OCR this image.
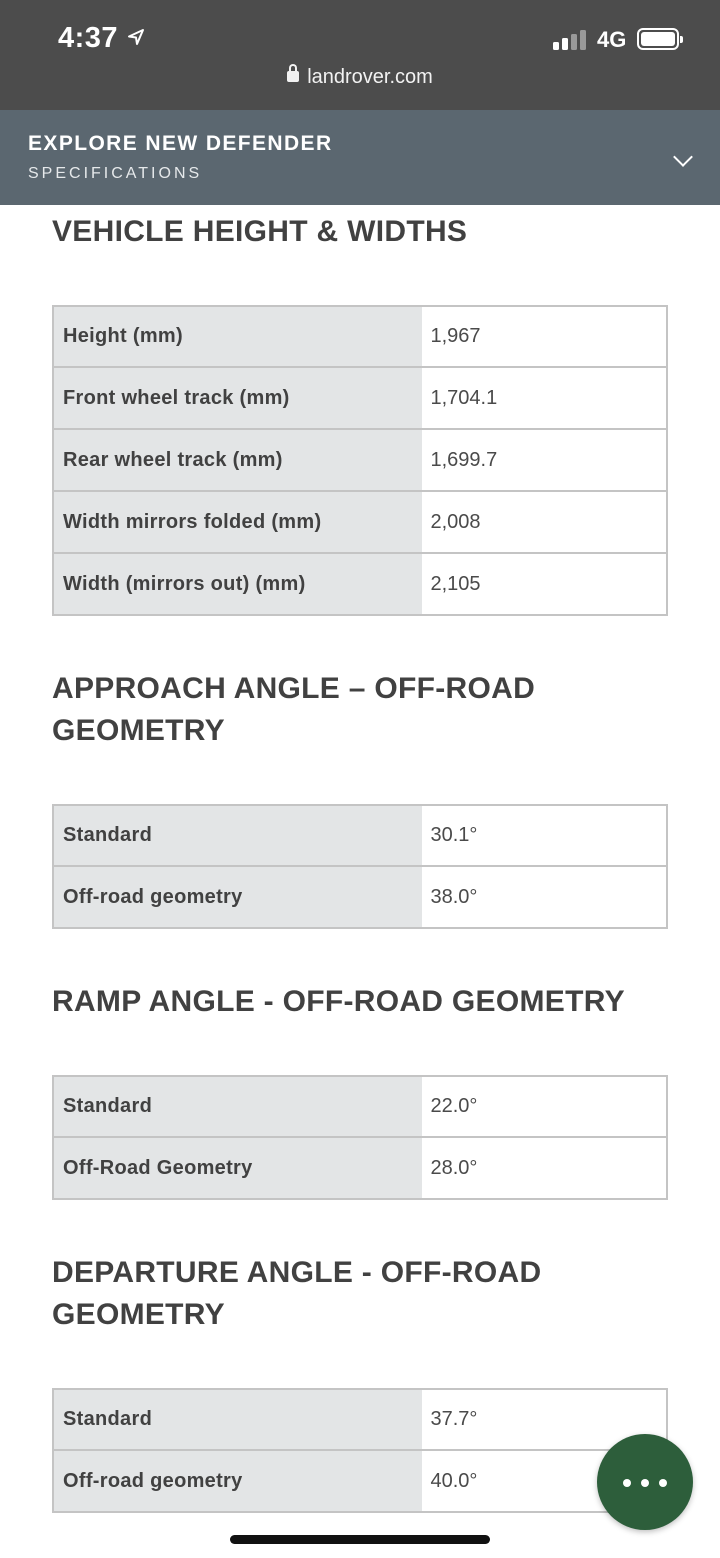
4:37	4G
landrover.com
EXPLORE NEW DEFENDER
SPECIFICATIONS
VEHICLE HEIGHT & WIDTHS
Height (mm)	1,967
Front wheel track (mm)	1,704.1
Rear wheel track (mm)	1,699.7
Width mirrors folded (mm)	2,008
Width (mirrors out) (mm)	2,105
APPROACH ANGLE – OFF-ROAD GEOMETRY
Standard	30.1°
Off-road geometry	38.0°
RAMP ANGLE - OFF-ROAD GEOMETRY
Standard	22.0°
Off-Road Geometry	28.0°
DEPARTURE ANGLE - OFF-ROAD GEOMETRY
Standard	37.7°
Off-road geometry	40.0°
